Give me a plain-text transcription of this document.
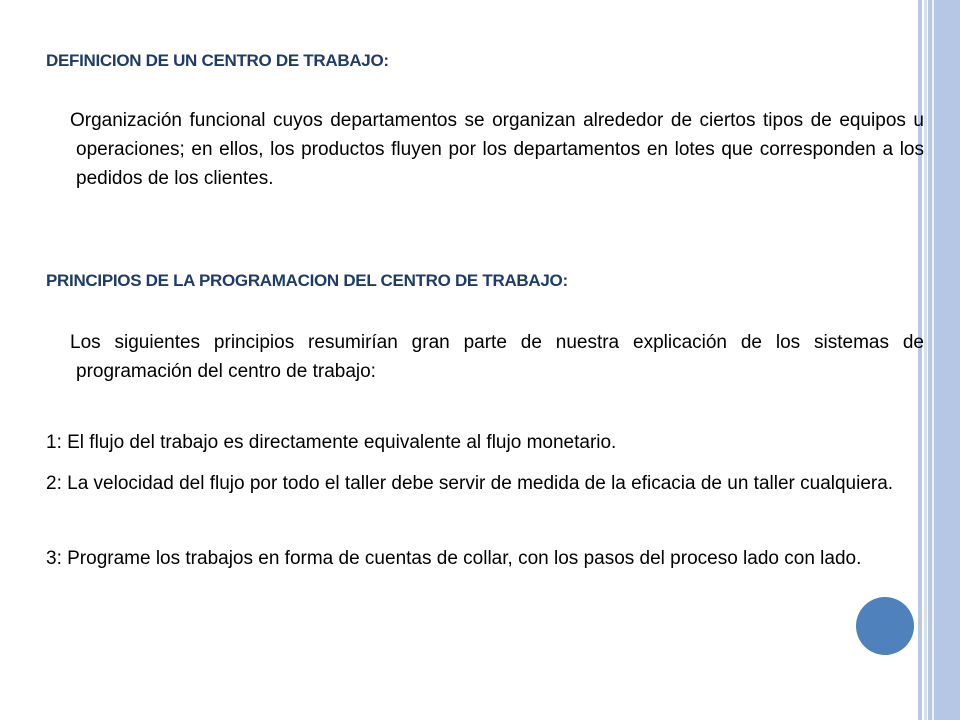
DEFINICION DE UN CENTRO DE TRABAJO:
Organización funcional cuyos departamentos se organizan alrededor de ciertos tipos de equipos u operaciones; en ellos, los productos fluyen por los departamentos en lotes que corresponden a los pedidos de los clientes.
PRINCIPIOS DE LA PROGRAMACION DEL CENTRO DE TRABAJO:
Los siguientes principios resumirían gran parte de nuestra explicación de los sistemas de programación del centro de trabajo:
1: El flujo del trabajo es directamente equivalente al flujo monetario.
2: La velocidad del flujo por todo el taller debe servir de medida de la eficacia de un taller cualquiera.
3: Programe los trabajos en forma de cuentas de collar, con los pasos del proceso lado con lado.
